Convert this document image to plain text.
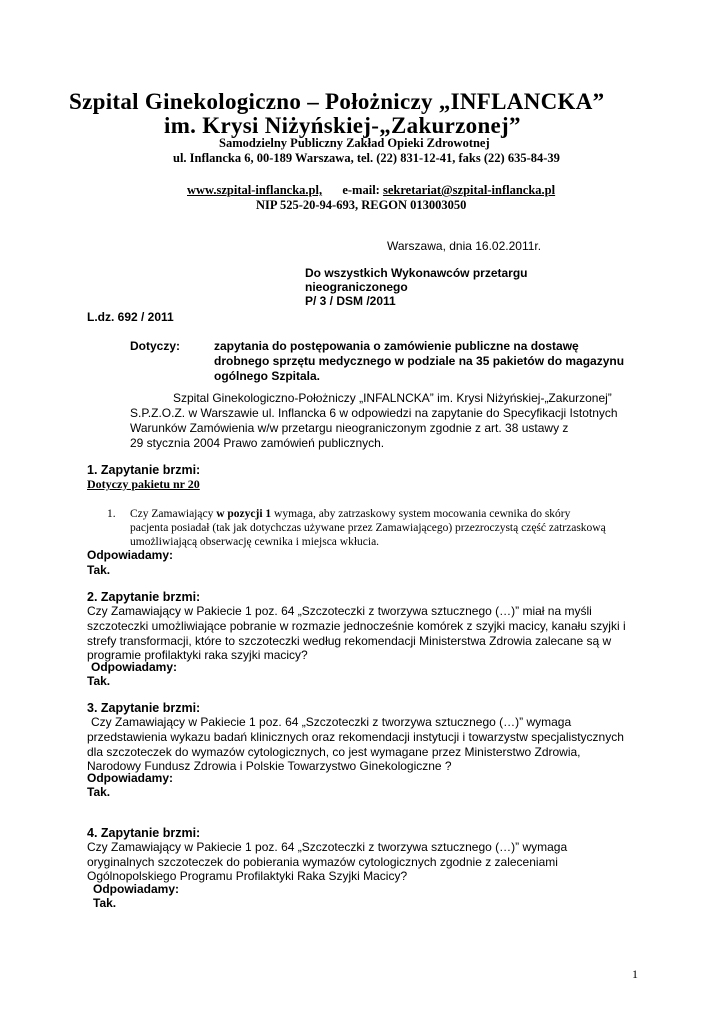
Szpital Ginekologiczno – Położniczy „INFLANCKA”
im. Krysi Niżyńskiej-„Zakurzonej”
Samodzielny Publiczny Zakład Opieki Zdrowotnej
ul. Inflancka 6, 00-189 Warszawa, tel. (22) 831-12-41, faks (22) 635-84-39
www.szpital-inflancka.pl, e-mail: sekretariat@szpital-inflancka.pl
NIP 525-20-94-693, REGON 013003050
Warszawa, dnia 16.02.2011r.
Do wszystkich Wykonawców przetargu
nieograniczonego
P/ 3 / DSM /2011
L.dz. 692 / 2011
Dotyczy:	zapytania do postępowania o zamówienie publiczne na dostawę
drobnego sprzętu medycznego w podziale na 35 pakietów do magazynu
ogólnego Szpitala.
Szpital Ginekologiczno-Położniczy „INFALNCKA” im. Krysi Niżyńskiej-„Zakurzonej”
S.P.Z.O.Z. w Warszawie ul. Inflancka 6 w odpowiedzi na zapytanie do Specyfikacji Istotnych
Warunków Zamówienia w/w przetargu nieograniczonym zgodnie z art. 38 ustawy z
29 stycznia 2004 Prawo zamówień publicznych.
1. Zapytanie brzmi:
Dotyczy pakietu nr 20
1. Czy Zamawiający w pozycji 1 wymaga, aby zatrzaskowy system mocowania cewnika do skóry
pacjenta posiadał (tak jak dotychczas używane przez Zamawiającego) przezroczystą część zatrzaskową
umożliwiającą obserwację cewnika i miejsca wkłucia.
Odpowiadamy:
Tak.
2. Zapytanie brzmi:
Czy Zamawiający w Pakiecie 1 poz. 64 „Szczoteczki z tworzywa sztucznego (…)” miał na myśli
szczoteczki umożliwiające pobranie w rozmazie jednocześnie komórek z szyjki macicy, kanału szyjki i
strefy transformacji, które to szczoteczki według rekomendacji Ministerstwa Zdrowia zalecane są w
programie profilaktyki raka szyjki macicy?
Odpowiadamy:
Tak.
3. Zapytanie brzmi:
Czy Zamawiający w Pakiecie 1 poz. 64 „Szczoteczki z tworzywa sztucznego (…)” wymaga
przedstawienia wykazu badań klinicznych oraz rekomendacji instytucji i towarzystw specjalistycznych
dla szczoteczek do wymazów cytologicznych, co jest wymagane przez Ministerstwo Zdrowia,
Narodowy Fundusz Zdrowia i Polskie Towarzystwo Ginekologiczne ?
Odpowiadamy:
Tak.
4. Zapytanie brzmi:
Czy Zamawiający w Pakiecie 1 poz. 64 „Szczoteczki z tworzywa sztucznego (…)” wymaga
oryginalnych szczoteczek do pobierania wymazów cytologicznych zgodnie z zaleceniami
Ogólnopolskiego Programu Profilaktyki Raka Szyjki Macicy?
Odpowiadamy:
Tak.
1
